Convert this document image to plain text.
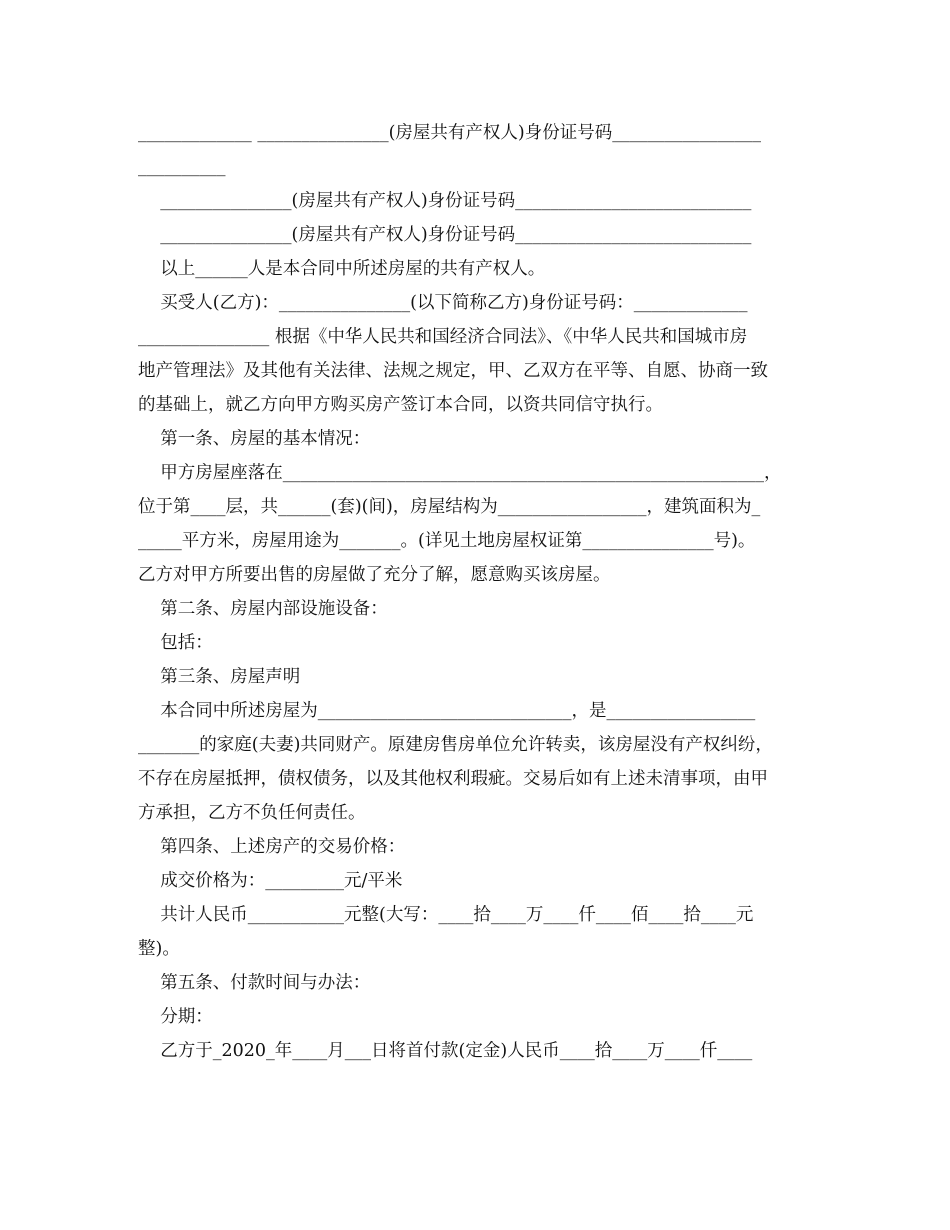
_____________ _______________(房屋共有产权人)身份证号码_________________
__________
_______________(房屋共有产权人)身份证号码___________________________
_______________(房屋共有产权人)身份证号码___________________________
以上______人是本合同中所述房屋的共有产权人。
买受人(乙方)：_______________(以下简称乙方)身份证号码：_____________
_______________ 根据《中华人民共和国经济合同法》、《中华人民共和国城市房
地产管理法》及其他有关法律、法规之规定，甲、乙双方在平等、自愿、协商一致
的基础上，就乙方向甲方购买房产签订本合同，以资共同信守执行。
第一条、房屋的基本情况：
甲方房屋座落在_______________________________________________________，
位于第____层，共______(套)(间)，房屋结构为_________________，建筑面积为_
_____平方米，房屋用途为_______。(详见土地房屋权证第_______________号)。
乙方对甲方所要出售的房屋做了充分了解，愿意购买该房屋。
第二条、房屋内部设施设备：
包括：
第三条、房屋声明
本合同中所述房屋为_____________________________，是_________________
_______的家庭(夫妻)共同财产。原建房售房单位允许转卖，该房屋没有产权纠纷，
不存在房屋抵押，债权债务，以及其他权利瑕疵。交易后如有上述未清事项，由甲
方承担，乙方不负任何责任。
第四条、上述房产的交易价格：
成交价格为：_________元/平米
共计人民币___________元整(大写：____拾____万____仟____佰____拾____元
整)。
第五条、付款时间与办法：
分期：
乙方于_2020_年____月___日将首付款(定金)人民币____拾____万____仟____
